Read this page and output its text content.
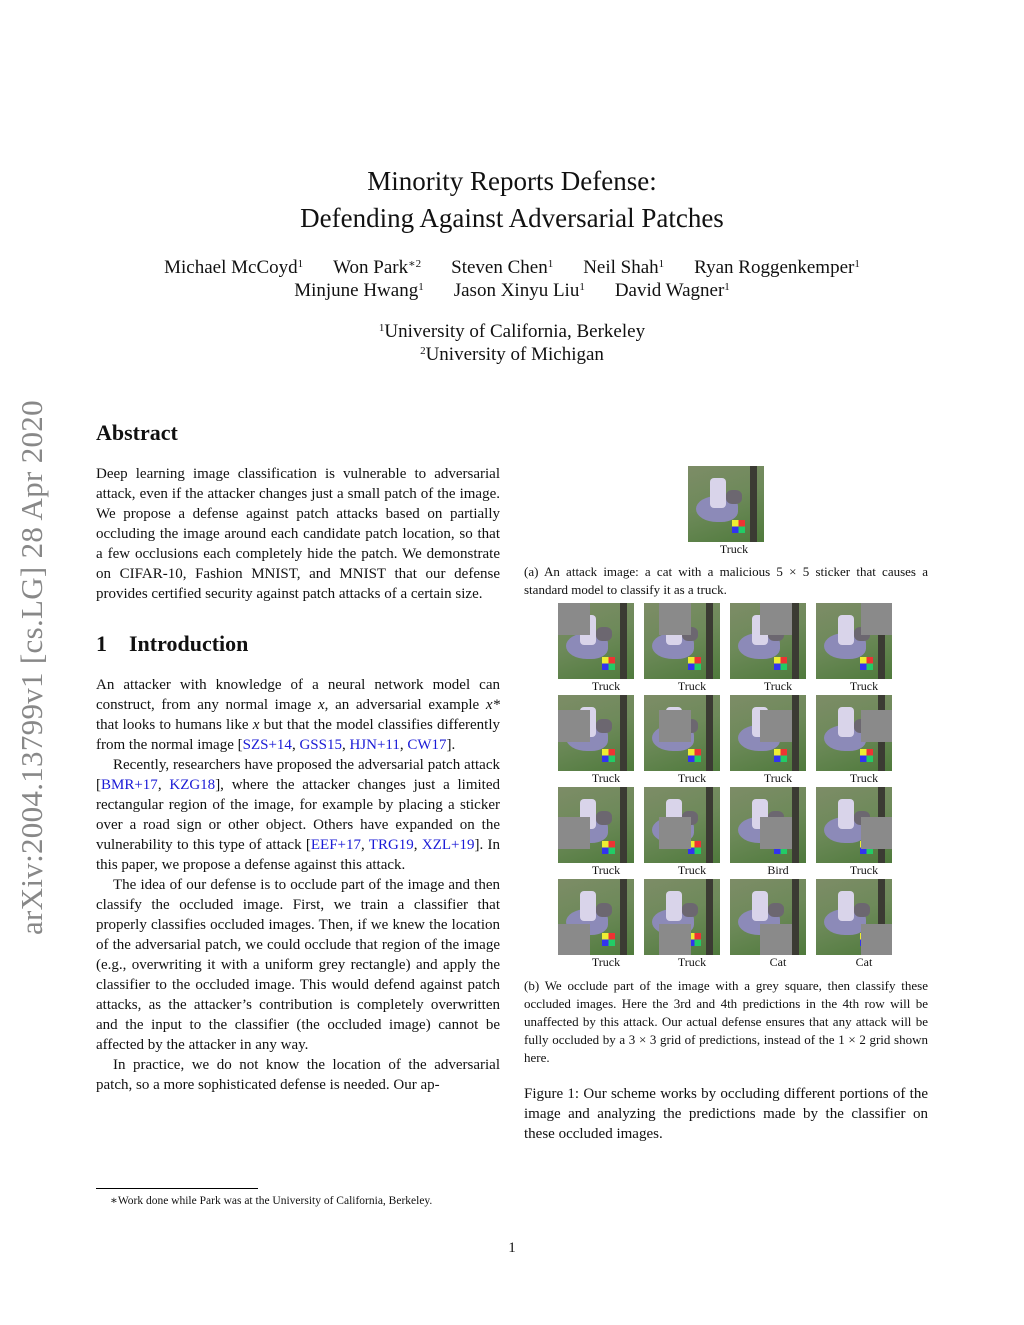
arXiv:2004.13799v1 [cs.LG] 28 Apr 2020
Minority Reports Defense:
Defending Against Adversarial Patches
Michael McCoyd$^1$ Won Park$^{∗2}$ Steven Chen$^1$ Neil Shah$^1$ Ryan Roggenkemper$^1$
Minjune Hwang$^1$ Jason Xinyu Liu$^1$ David Wagner$^1$
$^1$University of California, Berkeley
$^2$University of Michigan
Abstract

Deep learning image classification is vulnerable to adversarial attack, even if the attacker changes just a small patch of the image. We propose a defense against patch attacks based on partially occluding the image around each candidate patch location, so that a few occlusions each completely hide the patch. We demonstrate on CIFAR-10, Fashion MNIST, and MNIST that our defense provides certified security against patch attacks of a certain size.

1 Introduction

An attacker with knowledge of a neural network model can construct, from any normal image x, an adversarial example x* that looks to humans like x but that the model classifies differently from the normal image [SZS+14, GSS15, HJN+11, CW17].

Recently, researchers have proposed the adversarial patch attack [BMR+17, KZG18], where the attacker changes just a limited rectangular region of the image, for example by placing a sticker over a road sign or other object. Others have expanded on the vulnerability to this type of attack [EEF+17, TRG19, XZL+19]. In this paper, we propose a defense against this attack.

The idea of our defense is to occlude part of the image and then classify the occluded image. First, we train a classifier that properly classifies occluded images. Then, if we knew the location of the adversarial patch, we could occlude that region of the image (e.g., overwriting it with a uniform grey rectangle) and apply the classifier to the occluded image. This would defend against patch attacks, as the attacker’s contribution is completely overwritten and the input to the classifier (the occluded image) cannot be affected by the attacker in any way.

In practice, we do not know the location of the adversarial patch, so a more sophisticated defense is needed. Our ap-

Truck
Truck	Truck	Truck	Truck
Truck	Truck	Truck	Truck
Truck	Truck	Bird	Truck
Truck	Truck	Cat	Cat
(a) An attack image: a cat with a malicious 5 × 5 sticker that causes a standard model to classify it as a truck.
(b) We occlude part of the image with a grey square, then classify these occluded images. Here the 3rd and 4th predictions in the 4th row will be unaffected by this attack. Our actual defense ensures that any attack will be fully occluded by a 3 × 3 grid of predictions, instead of the 1 × 2 grid shown here.
Figure 1: Our scheme works by occluding different portions of the image and analyzing the predictions made by the classifier on these occluded images.
∗Work done while Park was at the University of California, Berkeley.
1
